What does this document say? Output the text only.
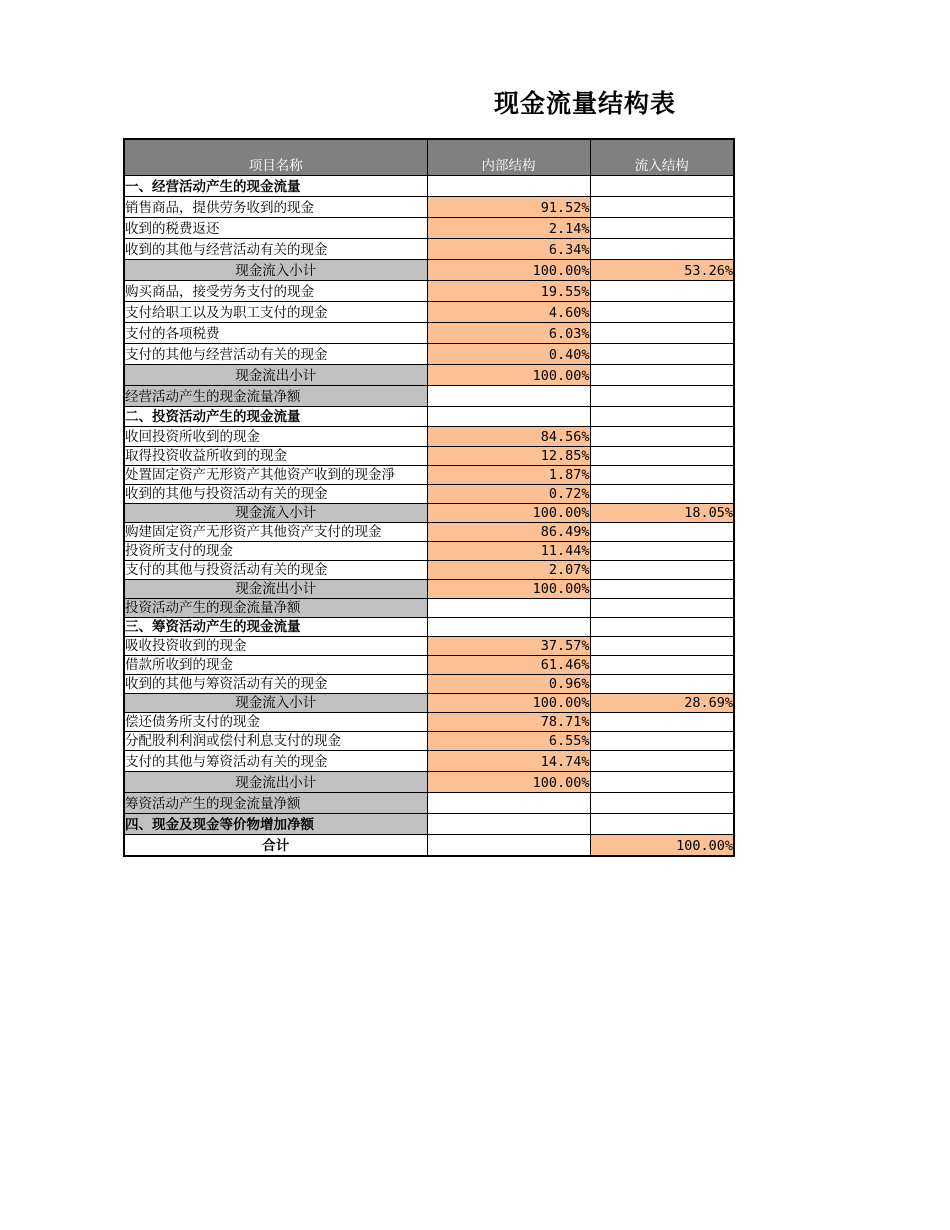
现金流量结构表
项目名称	内部结构	流入结构
一、经营活动产生的现金流量		
销售商品，提供劳务收到的现金	91.52%	
收到的税费返还	2.14%	
收到的其他与经营活动有关的现金	6.34%	
现金流入小计	100.00%	53.26%
购买商品，接受劳务支付的现金	19.55%	
支付给职工以及为职工支付的现金	4.60%	
支付的各项税费	6.03%	
支付的其他与经营活动有关的现金	0.40%	
现金流出小计	100.00%	
经营活动产生的现金流量净额		
二、投资活动产生的现金流量		
收回投资所收到的现金	84.56%	
取得投资收益所收到的现金	12.85%	
处置固定资产无形资产其他资产收到的现金淨	1.87%	
收到的其他与投资活动有关的现金	0.72%	
现金流入小计	100.00%	18.05%
购建固定资产无形资产其他资产支付的现金	86.49%	
投资所支付的现金	11.44%	
支付的其他与投资活动有关的现金	2.07%	
现金流出小计	100.00%	
投资活动产生的现金流量净额		
三、筹资活动产生的现金流量		
吸收投资收到的现金	37.57%	
借款所收到的现金	61.46%	
收到的其他与筹资活动有关的现金	0.96%	
现金流入小计	100.00%	28.69%
偿还债务所支付的现金	78.71%	
分配股利利润或偿付利息支付的现金	6.55%	
支付的其他与筹资活动有关的现金	14.74%	
现金流出小计	100.00%	
筹资活动产生的现金流量净额		
四、现金及现金等价物增加净额		
合计		100.00%
